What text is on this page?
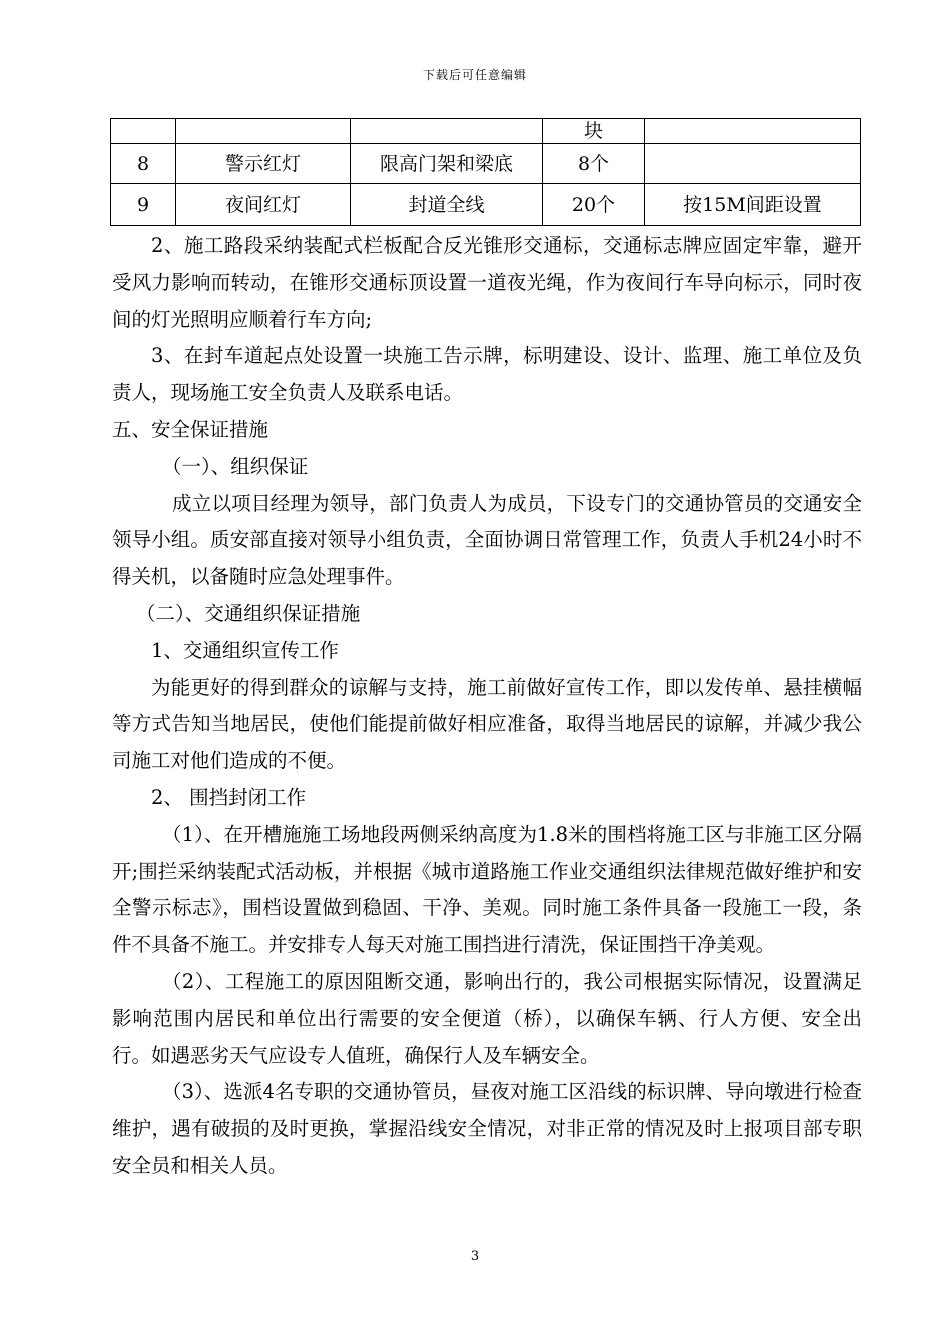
下载后可任意编辑
			块	
8	警示红灯	限高门架和梁底	8个	
9	夜间红灯	封道全线	20个	按15M间距设置

2、施工路段采纳装配式栏板配合反光锥形交通标，交通标志牌应固定牢靠，避开受风力影响而转动，在锥形交通标顶设置一道夜光绳，作为夜间行车导向标示，同时夜间的灯光照明应顺着行车方向;

3、在封车道起点处设置一块施工告示牌，标明建设、设计、监理、施工单位及负责人，现场施工安全负责人及联系电话。

五、安全保证措施

（一）、组织保证

成立以项目经理为领导，部门负责人为成员，下设专门的交通协管员的交通安全领导小组。质安部直接对领导小组负责，全面协调日常管理工作，负责人手机24小时不得关机，以备随时应急处理事件。

（二）、交通组织保证措施

1、交通组织宣传工作

为能更好的得到群众的谅解与支持，施工前做好宣传工作，即以发传单、悬挂横幅等方式告知当地居民，使他们能提前做好相应准备，取得当地居民的谅解，并减少我公司施工对他们造成的不便。

2、 围挡封闭工作

（1）、在开槽施施工场地段两侧采纳高度为1.8米的围档将施工区与非施工区分隔开;围拦采纳装配式活动板，并根据《城市道路施工作业交通组织法律规范做好维护和安全警示标志》，围档设置做到稳固、干净、美观。同时施工条件具备一段施工一段，条件不具备不施工。并安排专人每天对施工围挡进行清洗，保证围挡干净美观。

（2）、工程施工的原因阻断交通，影响出行的，我公司根据实际情况，设置满足影响范围内居民和单位出行需要的安全便道（桥），以确保车辆、行人方便、安全出行。如遇恶劣天气应设专人值班，确保行人及车辆安全。

（3）、选派4名专职的交通协管员，昼夜对施工区沿线的标识牌、导向墩进行检查维护，遇有破损的及时更换，掌握沿线安全情况，对非正常的情况及时上报项目部专职安全员和相关人员。

3
